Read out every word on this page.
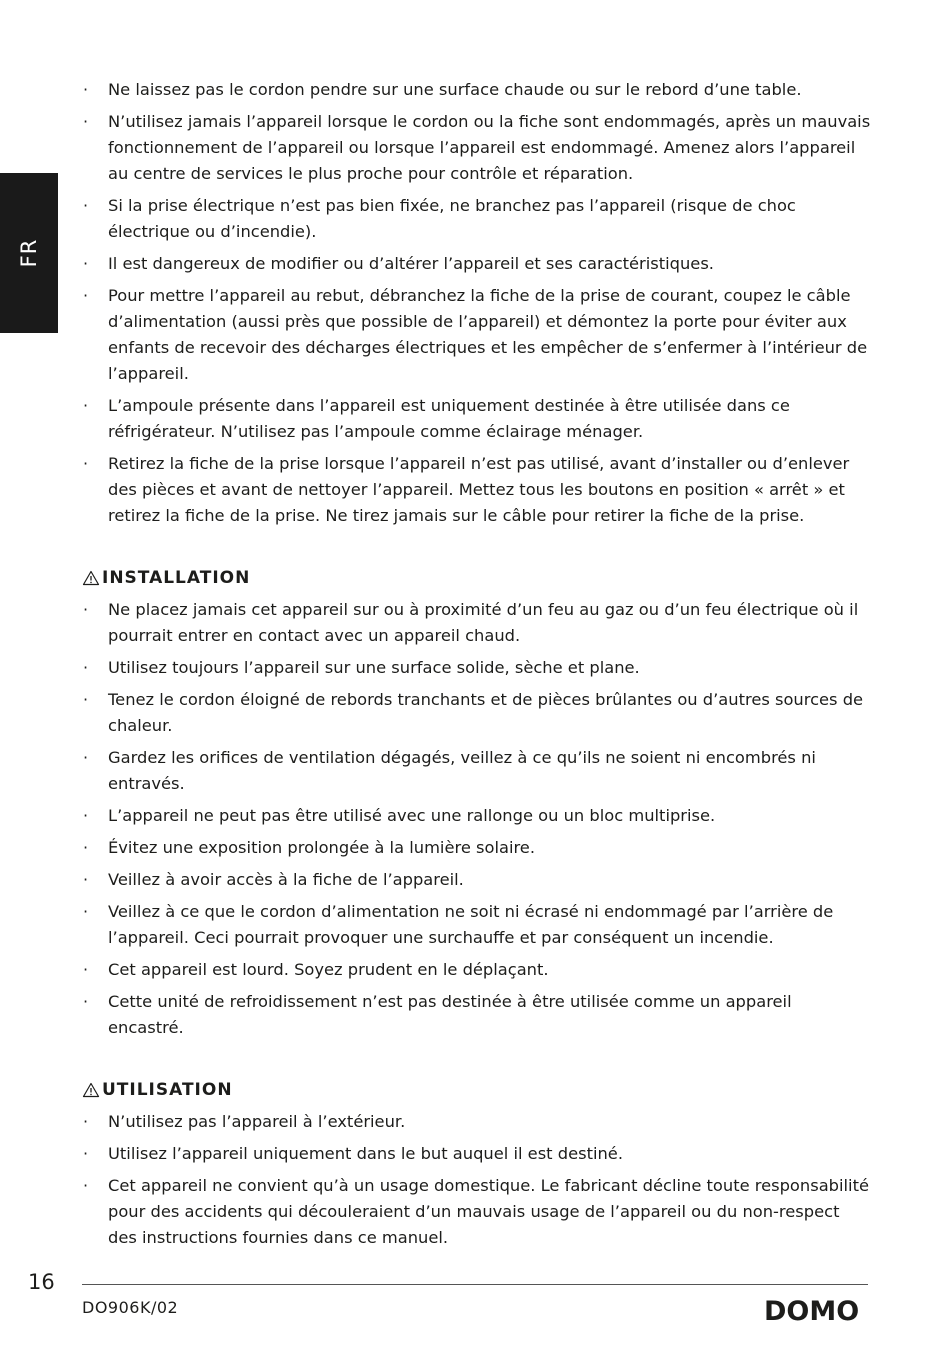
FR
· Ne laissez pas le cordon pendre sur une surface chaude ou sur le rebord d’une table.
· N’utilisez jamais l’appareil lorsque le cordon ou la fiche sont endommagés, après un mauvais fonctionnement de l’appareil ou lorsque l’appareil est endommagé. Amenez alors l’appareil au centre de services le plus proche pour contrôle et réparation.
· Si la prise électrique n’est pas bien fixée, ne branchez pas l’appareil (risque de choc électrique ou d’incendie).
· Il est dangereux de modifier ou d’altérer l’appareil et ses caractéristiques.
· Pour mettre l’appareil au rebut, débranchez la fiche de la prise de courant, coupez le câble d’alimentation (aussi près que possible de l’appareil) et démontez la porte pour éviter aux enfants de recevoir des décharges électriques et les empêcher de s’enfermer à l’intérieur de l’appareil.
· L’ampoule présente dans l’appareil est uniquement destinée à être utilisée dans ce réfrigérateur. N’utilisez pas l’ampoule comme éclairage ménager.
· Retirez la fiche de la prise lorsque l’appareil n’est pas utilisé, avant d’installer ou d’enlever des pièces et avant de nettoyer l’appareil. Mettez tous les boutons en position « arrêt » et retirez la fiche de la prise. Ne tirez jamais sur le câble pour retirer la fiche de la prise.
INSTALLATION
· Ne placez jamais cet appareil sur ou à proximité d’un feu au gaz ou d’un feu électrique où il pourrait entrer en contact avec un appareil chaud.
· Utilisez toujours l’appareil sur une surface solide, sèche et plane.
· Tenez le cordon éloigné de rebords tranchants et de pièces brûlantes ou d’autres sources de chaleur.
· Gardez les orifices de ventilation dégagés, veillez à ce qu’ils ne soient ni encombrés ni entravés.
· L’appareil ne peut pas être utilisé avec une rallonge ou un bloc multiprise.
· Évitez une exposition prolongée à la lumière solaire.
· Veillez à avoir accès à la fiche de l’appareil.
· Veillez à ce que le cordon d’alimentation ne soit ni écrasé ni endommagé par l’arrière de l’appareil. Ceci pourrait provoquer une surchauffe et par conséquent un incendie.
· Cet appareil est lourd. Soyez prudent en le déplaçant.
· Cette unité de refroidissement n’est pas destinée à être utilisée comme un appareil encastré.
UTILISATION
· N’utilisez pas l’appareil à l’extérieur.
· Utilisez l’appareil uniquement dans le but auquel il est destiné.
· Cet appareil ne convient qu’à un usage domestique. Le fabricant décline toute responsabilité pour des accidents qui découleraient d’un mauvais usage de l’appareil ou du non-respect des instructions fournies dans ce manuel.
16
DO906K/02	DOMO
